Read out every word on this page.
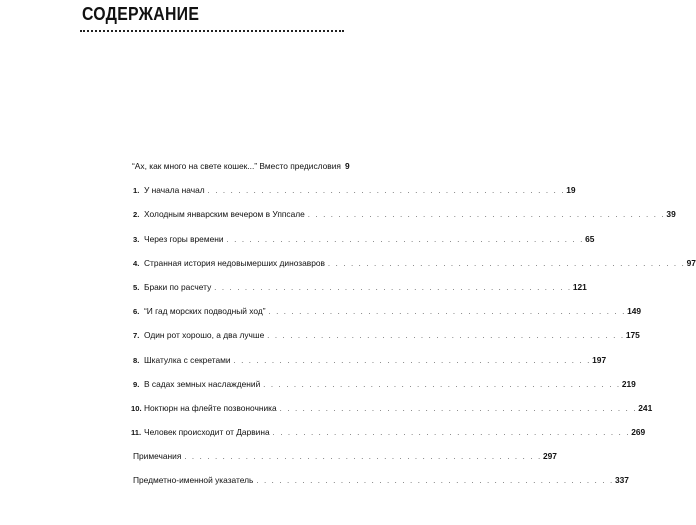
СОДЕРЖАНИЕ
“Ах, как много на свете кошек...” Вместо предисловия 9
1. У начала начал . . . . . . . . . . . . . . . . . . . . . . . . . . . . . . . . . . . . . . . . . . . . . . . 19
2. Холодным январским вечером в Уппсале . . . . . . . . . . . . . . . . . . . . . . . . . . . . . . . . . . . . . . . . . . . . . . . 39
3. Через горы времени . . . . . . . . . . . . . . . . . . . . . . . . . . . . . . . . . . . . . . . . . . . . . . . 65
4. Странная история недовымерших динозавров . . . . . . . . . . . . . . . . . . . . . . . . . . . . . . . . . . . . . . . . . . . . . . . 97
5. Браки по расчету . . . . . . . . . . . . . . . . . . . . . . . . . . . . . . . . . . . . . . . . . . . . . . . 121
6. “И гад морских подводный ход” . . . . . . . . . . . . . . . . . . . . . . . . . . . . . . . . . . . . . . . . . . . . . . . 149
7. Один рот хорошо, а два лучше . . . . . . . . . . . . . . . . . . . . . . . . . . . . . . . . . . . . . . . . . . . . . . . 175
8. Шкатулка с секретами . . . . . . . . . . . . . . . . . . . . . . . . . . . . . . . . . . . . . . . . . . . . . . . 197
9. В садах земных наслаждений . . . . . . . . . . . . . . . . . . . . . . . . . . . . . . . . . . . . . . . . . . . . . . . 219
10. Ноктюрн на флейте позвоночника . . . . . . . . . . . . . . . . . . . . . . . . . . . . . . . . . . . . . . . . . . . . . . . 241
11. Человек происходит от Дарвина . . . . . . . . . . . . . . . . . . . . . . . . . . . . . . . . . . . . . . . . . . . . . . . 269
Примечания . . . . . . . . . . . . . . . . . . . . . . . . . . . . . . . . . . . . . . . . . . . . . . . 297
Предметно-именной указатель . . . . . . . . . . . . . . . . . . . . . . . . . . . . . . . . . . . . . . . . . . . . . . . 337
